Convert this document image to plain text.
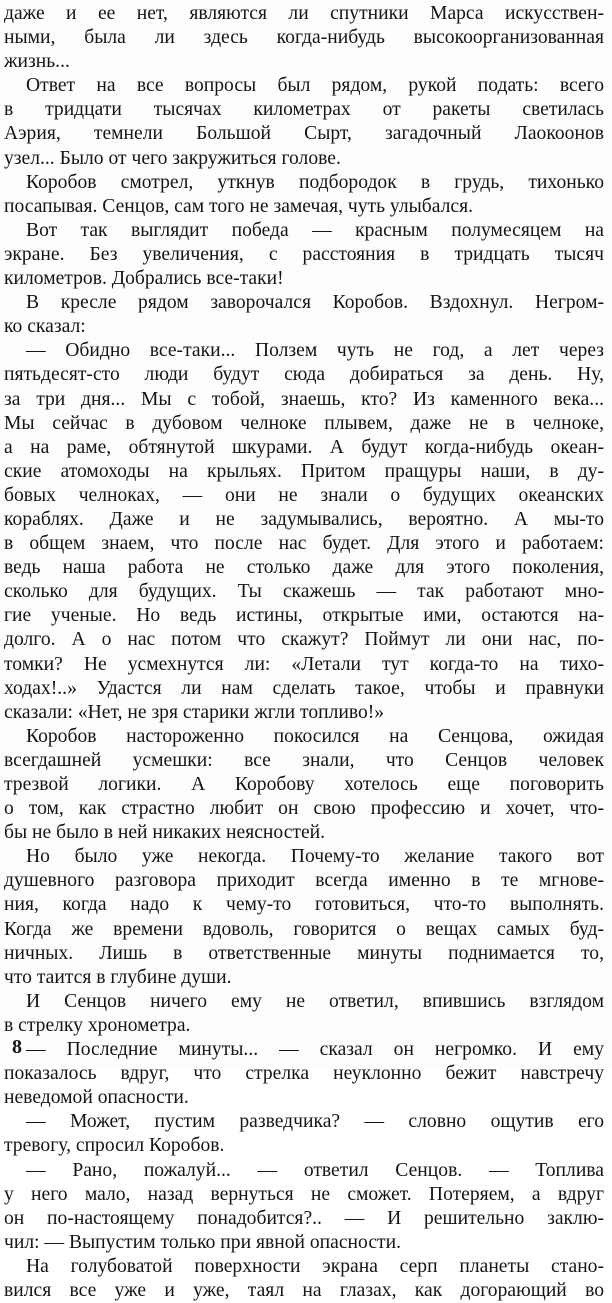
даже и ее нет, являются ли спутники Марса искусствен-
ными, была ли здесь когда-нибудь высокоорганизованная
жизнь...
Ответ на все вопросы был рядом, рукой подать: всего
в тридцати тысячах километрах от ракеты светилась
Аэрия, темнели Большой Сырт, загадочный Лаокоонов
узел... Было от чего закружиться голове.
Коробов смотрел, уткнув подбородок в грудь, тихонько
посапывая. Сенцов, сам того не замечая, чуть улыбался.
Вот так выглядит победа — красным полумесяцем на
экране. Без увеличения, с расстояния в тридцать тысяч
километров. Добрались все-таки!
В кресле рядом заворочался Коробов. Вздохнул. Негром-
ко сказал:
— Обидно все-таки... Ползем чуть не год, а лет через
пятьдесят-сто люди будут сюда добираться за день. Ну,
за три дня... Мы с тобой, знаешь, кто? Из каменного века...
Мы сейчас в дубовом челноке плывем, даже не в челноке,
а на раме, обтянутой шкурами. А будут когда-нибудь океан-
ские атомоходы на крыльях. Притом пращуры наши, в ду-
бовых челноках, — они не знали о будущих океанских
кораблях. Даже и не задумывались, вероятно. А мы-то
в общем знаем, что после нас будет. Для этого и работаем:
ведь наша работа не столько даже для этого поколения,
сколько для будущих. Ты скажешь — так работают мно-
гие ученые. Но ведь истины, открытые ими, остаются на-
долго. А о нас потом что скажут? Поймут ли они нас, по-
томки? Не усмехнутся ли: «Летали тут когда-то на тихо-
ходах!..» Удастся ли нам сделать такое, чтобы и правнуки
сказали: «Нет, не зря старики жгли топливо!»
Коробов настороженно покосился на Сенцова, ожидая
всегдашней усмешки: все знали, что Сенцов человек
трезвой логики. А Коробову хотелось еще поговорить
о том, как страстно любит он свою профессию и хочет, что-
бы не было в ней никаких неясностей.
Но было уже некогда. Почему-то желание такого вот
душевного разговора приходит всегда именно в те мгнове-
ния, когда надо к чему-то готовиться, что-то выполнять.
Когда же времени вдоволь, говорится о вещах самых буд-
ничных. Лишь в ответственные минуты поднимается то,
что таится в глубине души.
И Сенцов ничего ему не ответил, впившись взглядом
в стрелку хронометра.
— Последние минуты... — сказал он негромко. И ему
показалось вдруг, что стрелка неуклонно бежит навстречу
неведомой опасности.
— Может, пустим разведчика? — словно ощутив его
тревогу, спросил Коробов.
— Рано, пожалуй... — ответил Сенцов. — Топлива
у него мало, назад вернуться не сможет. Потеряем, а вдруг
он по-настоящему понадобится?.. — И решительно заклю-
чил: — Выпустим только при явной опасности.
На голубоватой поверхности экрана серп планеты стано-
вился все уже и уже, таял на глазах, как догорающий во
8
